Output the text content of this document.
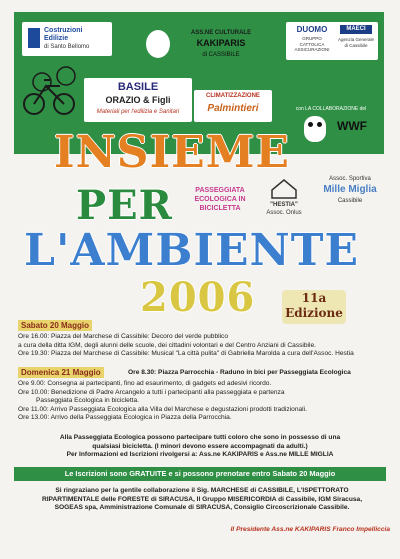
Costruzioni
Edilizie
di Santo Bellomo
ASS.NE CULTURALE
KAKIPARIS
di CASSIBILE
DUOMO
GRUPPO CATTOLICA ASSICURAZIONI
MAECI
Agenzia Generale di Cassibile
BASILE
ORAZIO & Figli
Materiali per l'edilizia e Sanitari
CLIMATIZZAZIONE
Palmintieri	con LA COLLABORAZIONE del
WWF
Assoc. Sportiva
Mille Miglia
Cassibile
INSIEME
PER
L'AMBIENTE
2006
PASSEGGIATA
ECOLOGICA IN
BICICLETTA	"HESTIA"
Assoc. Onlus
11a
Edizione
Sabato 20 Maggio
Ore 16.00: Piazza del Marchese di Cassibile: Decoro del verde pubblico
a cura della ditta IGM, degli alunni delle scuole, dei cittadini volontari e del Centro Anziani di Cassibile.
Ore 19.30: Piazza del Marchese di Cassibile: Musical "La città pulita" di Gabriella Marolda a cura dell'Assoc. Hestia
Domenica 21 Maggio	Ore 8.30: Piazza Parrocchia - Raduno in bici per Passeggiata Ecologica
Ore 9.00: Consegna ai partecipanti, fino ad esaurimento, di gadgets ed adesivi ricordo.
Ore 10.00: Benedizione di Padre Arcangelo a tutti i partecipanti alla passeggiata e partenza
Passeggiata Ecologica in bicicletta.
Ore 11.00: Arrivo Passeggiata Ecologica alla Villa del Marchese e degustazioni prodotti tradizionali.
Ore 13.00: Arrivo della Passeggiata Ecologica in Piazza della Parrocchia.
Alla Passeggiata Ecologica possono partecipare tutti coloro che sono in possesso di una
qualsiasi bicicletta. (I minori devono essere accompagnati da adulti.)
Per Informazioni ed Iscrizioni rivolgersi a: Ass.ne KAKIPARIS e Ass.ne MILLE MIGLIA
Le Iscrizioni sono GRATUITE e si possono prenotare entro Sabato 20 Maggio
Si ringraziano per la gentile collaborazione il Sig. MARCHESE di CASSIBILE, L'ISPETTORATO
RIPARTIMENTALE delle FORESTE di SIRACUSA, Il Gruppo MISERICORDIA di Cassibile, IGM Siracusa,
SOGEAS spa, Amministrazione Comunale di SIRACUSA, Consiglio Circoscrizionale Cassibile.
Il Presidente Ass.ne KAKIPARIS Franco Impelliccia
